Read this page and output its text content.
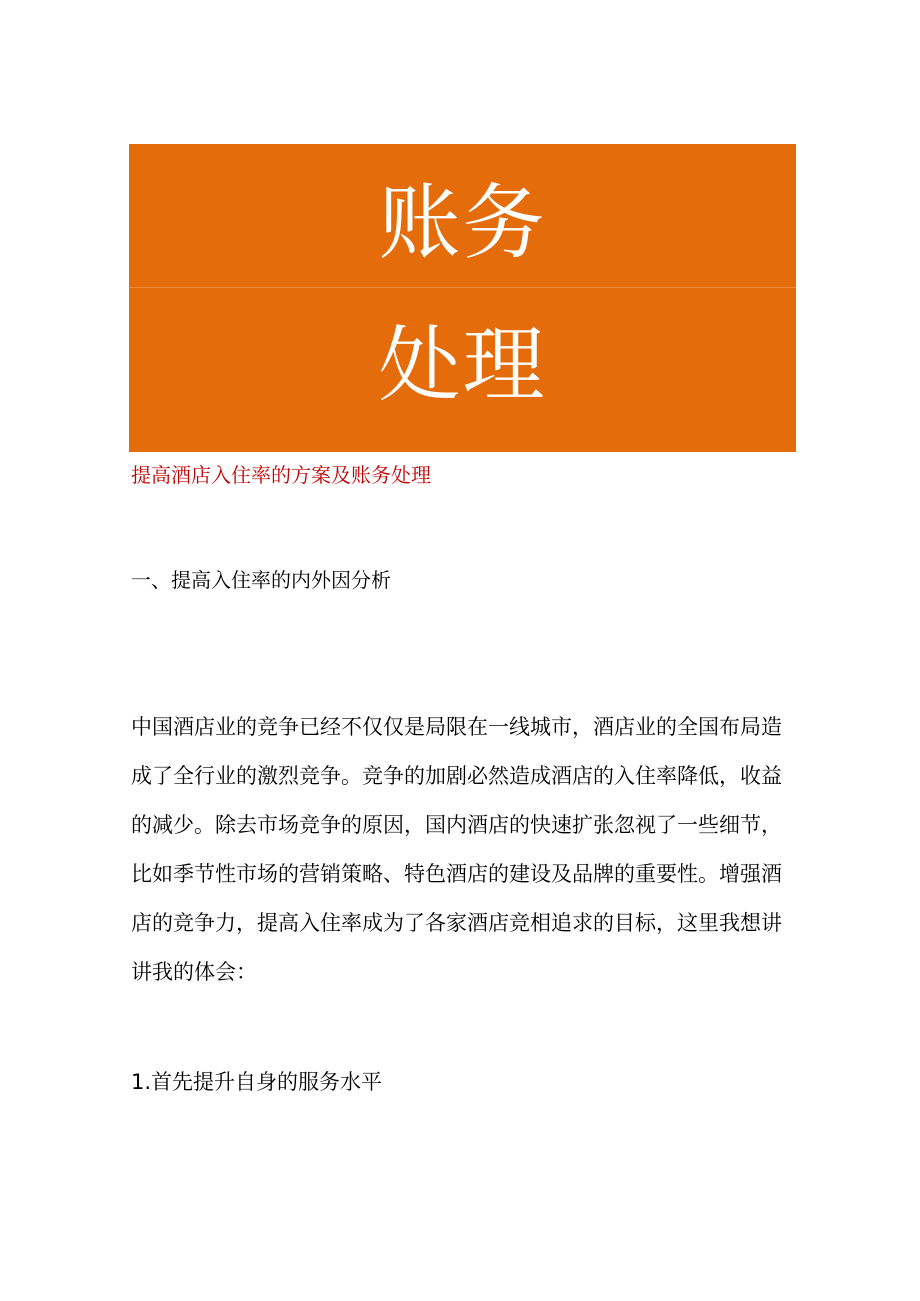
账务
处理
提高酒店入住率的方案及账务处理
一、提高入住率的内外因分析
中国酒店业的竞争已经不仅仅是局限在一线城市，酒店业的全国布局造
成了全行业的激烈竞争。竞争的加剧必然造成酒店的入住率降低，收益
的减少。除去市场竞争的原因，国内酒店的快速扩张忽视了一些细节，
比如季节性市场的营销策略、特色酒店的建设及品牌的重要性。增强酒
店的竞争力，提高入住率成为了各家酒店竞相追求的目标，这里我想讲
讲我的体会：
1.首先提升自身的服务水平
